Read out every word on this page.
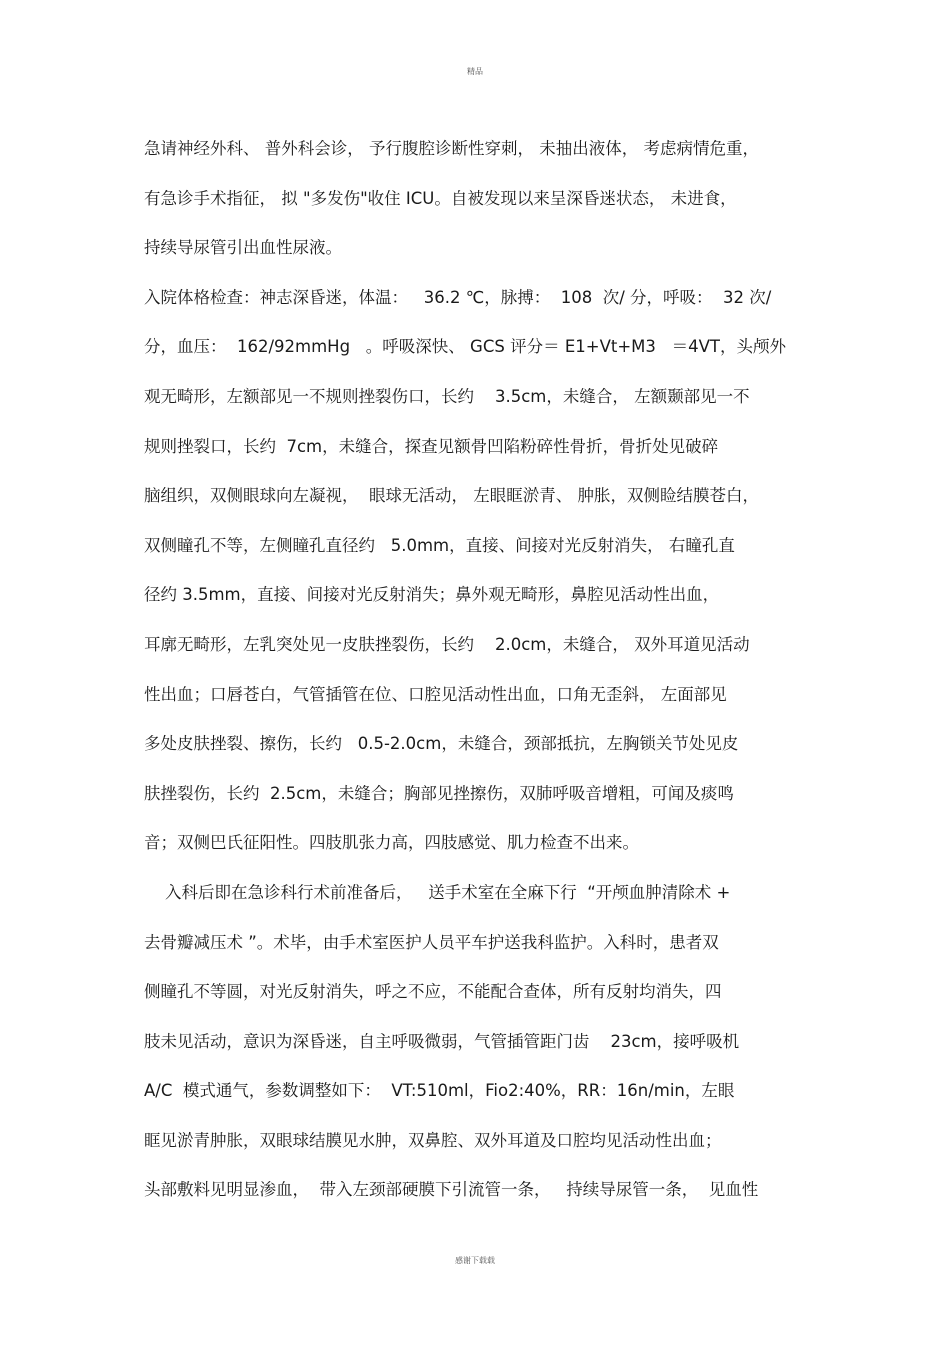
精品
急请神经外科、 普外科会诊， 予行腹腔诊断性穿刺， 未抽出液体， 考虑病情危重，
有急诊手术指征， 拟 "多发伤"收住 ICU。自被发现以来呈深昏迷状态， 未进食，
持续导尿管引出血性尿液。
入院体格检查：神志深昏迷，体温：   36.2 ℃，脉搏：  108  次/ 分，呼吸：  32 次/
分，血压：  162/92mmHg   。呼吸深快、 GCS 评分＝ E1+Vt+M3   ＝4VT，头颅外
观无畸形，左额部见一不规则挫裂伤口，长约    3.5cm，未缝合， 左额颞部见一不
规则挫裂口，长约  7cm，未缝合，探查见额骨凹陷粉碎性骨折，骨折处见破碎
脑组织，双侧眼球向左凝视，  眼球无活动， 左眼眶淤青、 肿胀，双侧睑结膜苍白，
双侧瞳孔不等，左侧瞳孔直径约   5.0mm，直接、间接对光反射消失， 右瞳孔直
径约 3.5mm，直接、间接对光反射消失；鼻外观无畸形，鼻腔见活动性出血，
耳廓无畸形，左乳突处见一皮肤挫裂伤，长约    2.0cm，未缝合， 双外耳道见活动
性出血；口唇苍白，气管插管在位、口腔见活动性出血，口角无歪斜， 左面部见
多处皮肤挫裂、擦伤，长约   0.5-2.0cm，未缝合，颈部抵抗，左胸锁关节处见皮
肤挫裂伤，长约  2.5cm，未缝合；胸部见挫擦伤，双肺呼吸音增粗，可闻及痰鸣
音；双侧巴氏征阳性。四肢肌张力高，四肢感觉、肌力检查不出来。
入科后即在急诊科行术前准备后，   送手术室在全麻下行  “开颅血肿清除术 +
去骨瓣减压术 ”。术毕，由手术室医护人员平车护送我科监护。入科时，患者双
侧瞳孔不等圆，对光反射消失，呼之不应，不能配合查体，所有反射均消失，四
肢未见活动，意识为深昏迷，自主呼吸微弱，气管插管距门齿    23cm，接呼吸机
A/C  模式通气，参数调整如下：  VT:510ml，Fio2:40%，RR：16n/min，左眼
眶见淤青肿胀，双眼球结膜见水肿，双鼻腔、双外耳道及口腔均见活动性出血；
头部敷料见明显渗血，  带入左颈部硬膜下引流管一条，   持续导尿管一条，  见血性
感谢下载载
